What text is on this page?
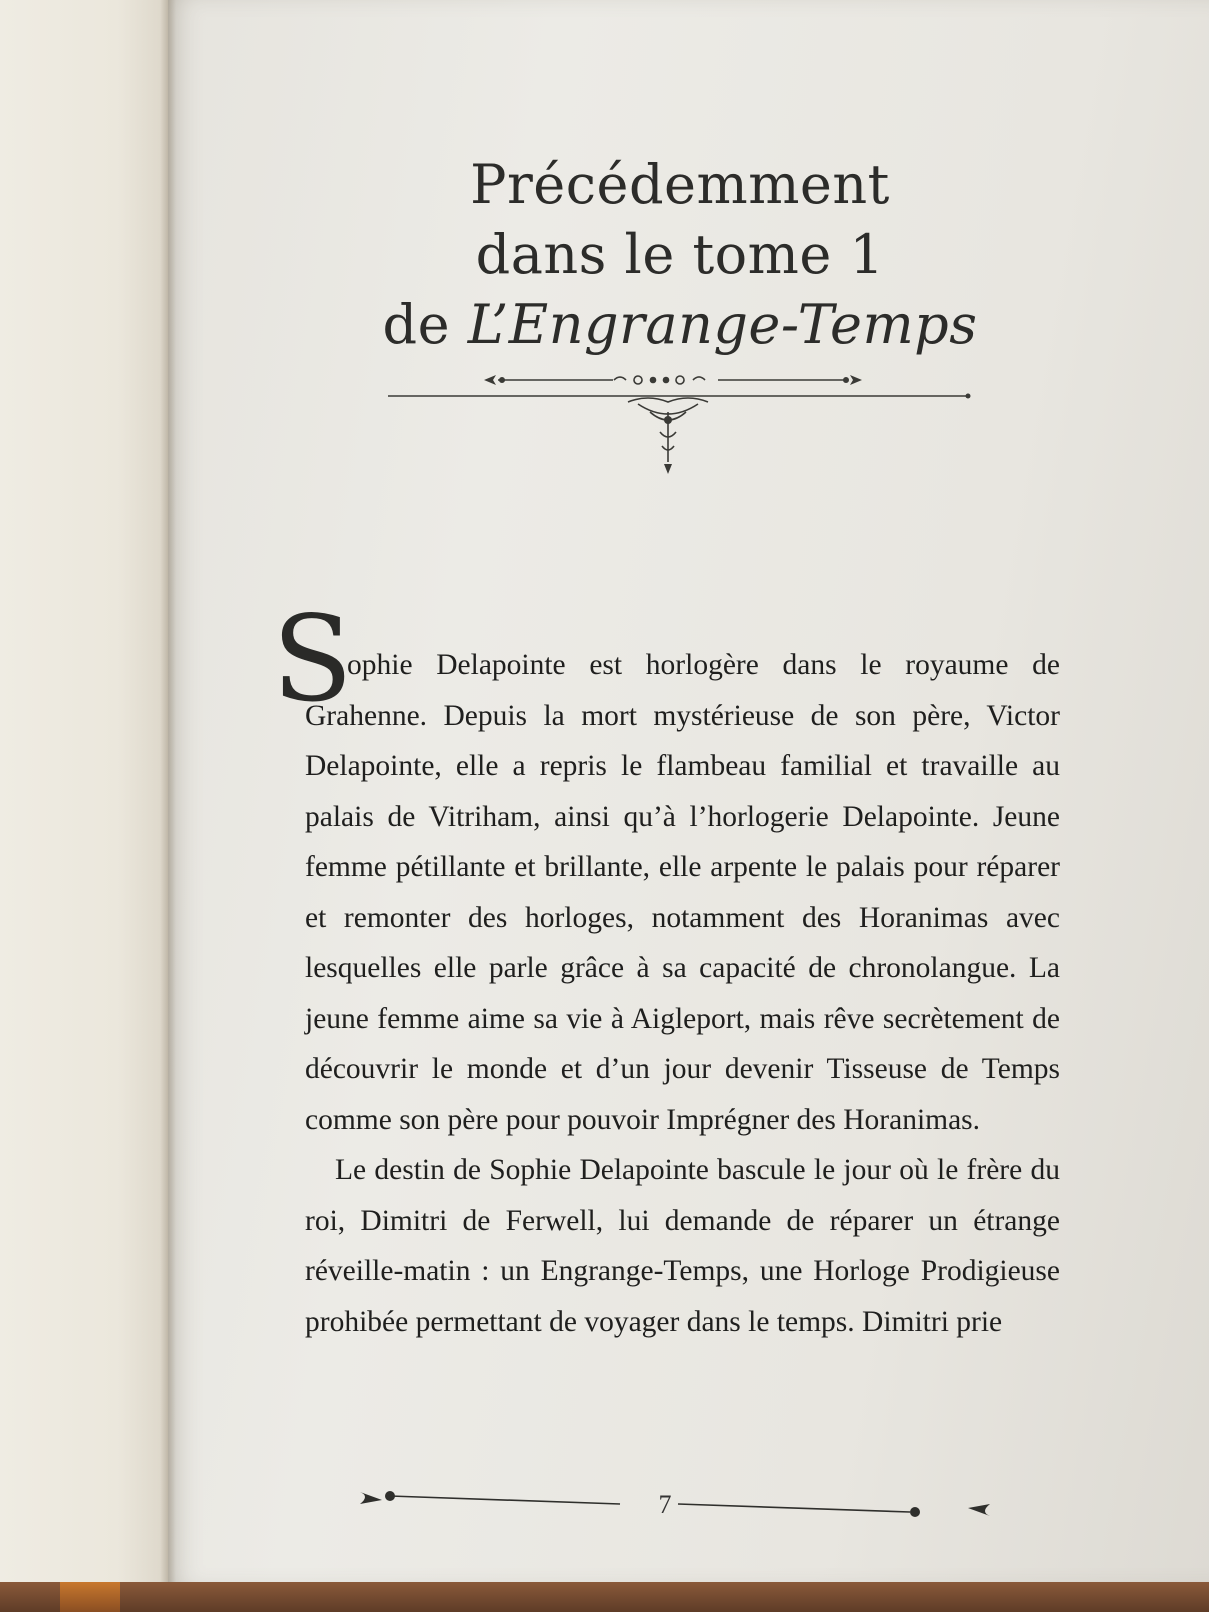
Précédemment
dans le tome 1
de L’Engrange-Temps
S

ophie Delapointe est horlogère dans le royaume de Grahenne. Depuis la mort mystérieuse de son père, Victor Delapointe, elle a repris le flambeau familial et travaille au palais de Vitriham, ainsi qu’à l’horlogerie Delapointe. Jeune femme pétillante et brillante, elle arpente le palais pour réparer et remonter des horloges, notamment des Horanimas avec lesquelles elle parle grâce à sa capacité de chronolangue. La jeune femme aime sa vie à Aigleport, mais rêve secrètement de découvrir le monde et d’un jour devenir Tisseuse de Temps comme son père pour pouvoir Imprégner des Horanimas.

Le destin de Sophie Delapointe bascule le jour où le frère du roi, Dimitri de Ferwell, lui demande de réparer un étrange réveille-matin : un Engrange-Temps, une Horloge Prodigieuse prohibée permettant de voyager dans le temps. Dimitri prie

7
